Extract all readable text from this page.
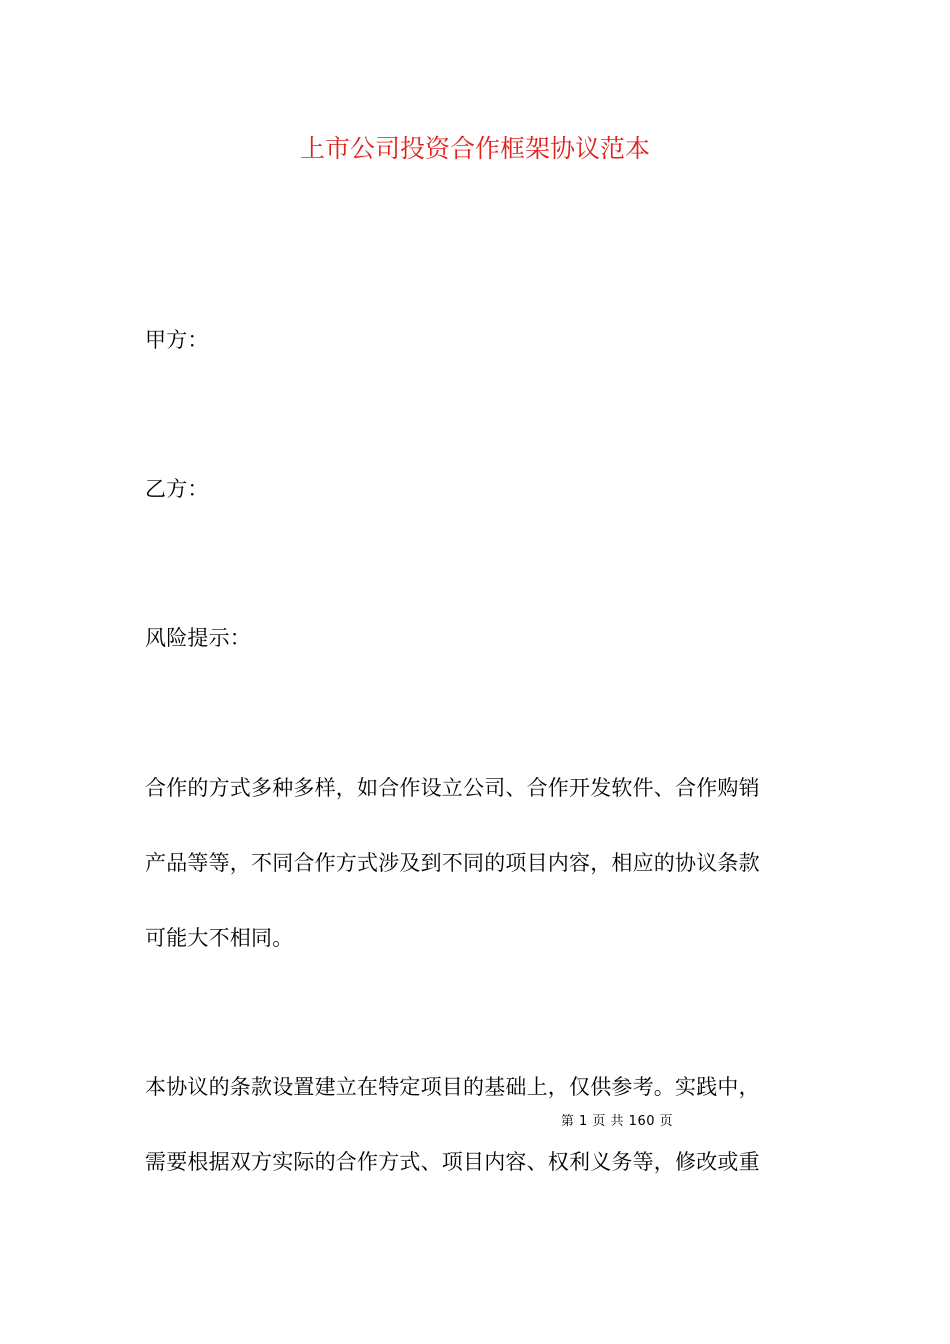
上市公司投资合作框架协议范本

甲方：

乙方：

风险提示：

合作的方式多种多样，如合作设立公司、合作开发软件、合作购销

产品等等，不同合作方式涉及到不同的项目内容，相应的协议条款

可能大不相同。

本协议的条款设置建立在特定项目的基础上，仅供参考。实践中，

第 1 页 共 160 页

需要根据双方实际的合作方式、项目内容、权利义务等，修改或重
